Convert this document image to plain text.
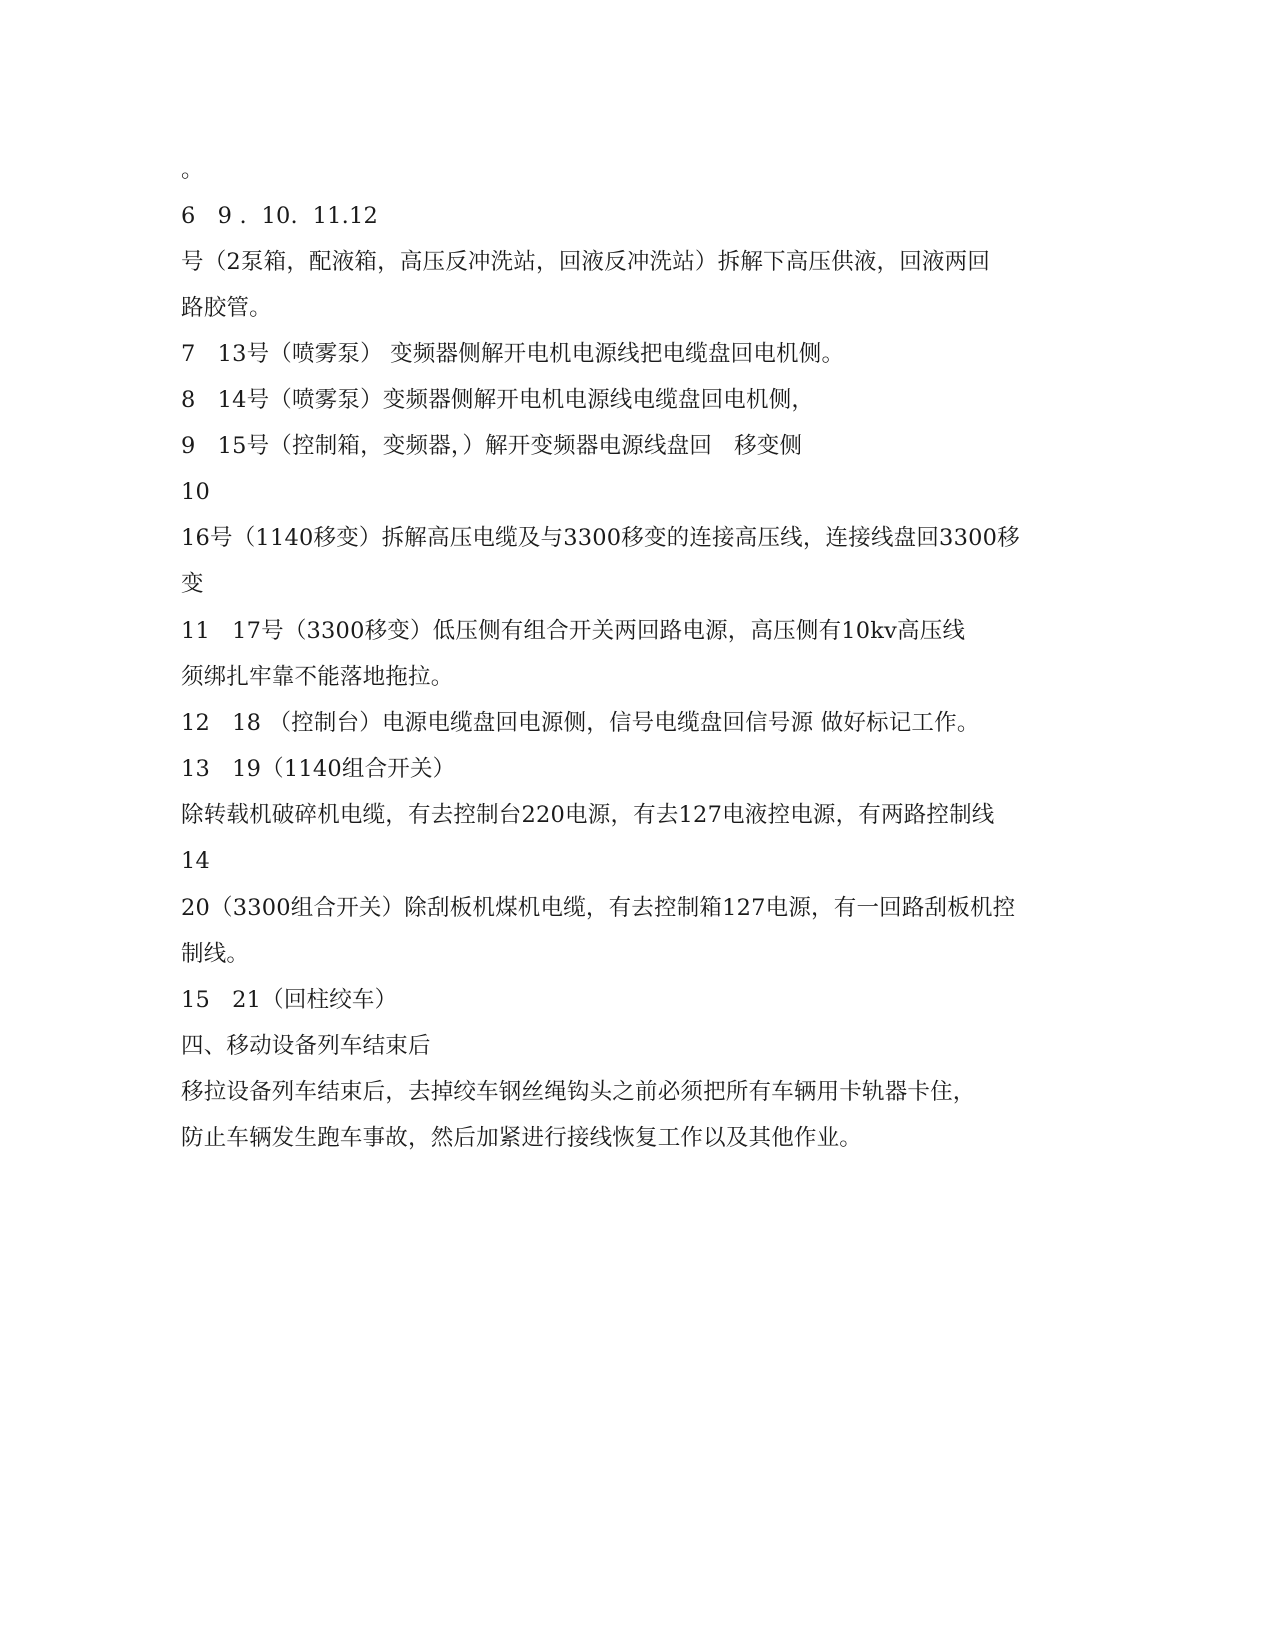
。
6   9 .  10.  11.12
号（2泵箱，配液箱，高压反冲洗站，回液反冲洗站）拆解下高压供液，回液两回
路胶管。
7   13号（喷雾泵） 变频器侧解开电机电源线把电缆盘回电机侧。
8   14号（喷雾泵）变频器侧解开电机电源线电缆盘回电机侧，
9   15号（控制箱，变频器，）解开变频器电源线盘回   移变侧
10
16号（1140移变）拆解高压电缆及与3300移变的连接高压线，连接线盘回3300移
变
11   17号（3300移变）低压侧有组合开关两回路电源，高压侧有10kv高压线
须绑扎牢靠不能落地拖拉。
12   18 （控制台）电源电缆盘回电源侧，信号电缆盘回信号源 做好标记工作。
13   19（1140组合开关）
除转载机破碎机电缆，有去控制台220电源，有去127电液控电源，有两路控制线
14
20（3300组合开关）除刮板机煤机电缆，有去控制箱127电源，有一回路刮板机控
制线。
15   21（回柱绞车）
四、移动设备列车结束后
移拉设备列车结束后，去掉绞车钢丝绳钩头之前必须把所有车辆用卡轨器卡住，
防止车辆发生跑车事故，然后加紧进行接线恢复工作以及其他作业。
